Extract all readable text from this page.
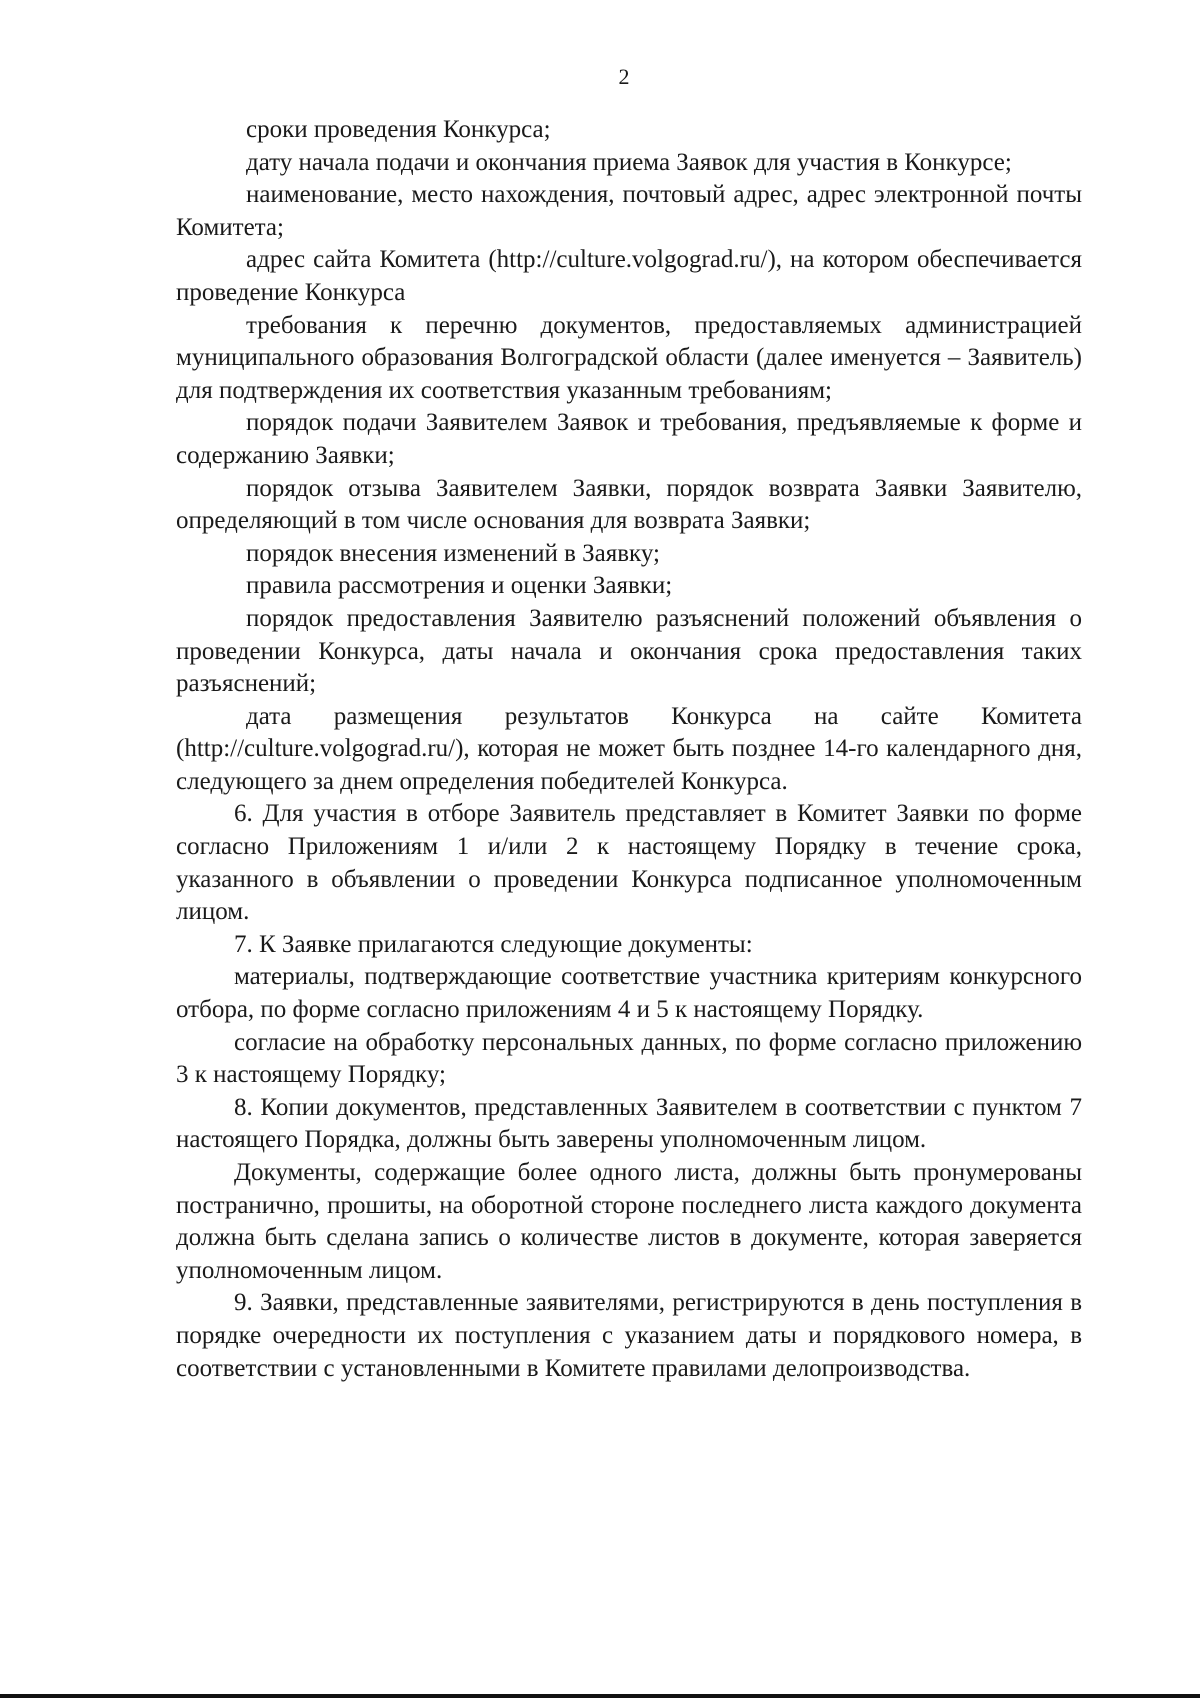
2

сроки проведения Конкурса;

дату начала подачи и окончания приема Заявок для участия в Конкурсе;

наименование, место нахождения, почтовый адрес, адрес электронной почты Комитета;

адрес сайта Комитета (http://culture.volgograd.ru/), на котором обеспечивается проведение Конкурса

требования к перечню документов, предоставляемых администрацией муниципального образования Волгоградской области (далее именуется – Заявитель) для подтверждения их соответствия указанным требованиям;

порядок подачи Заявителем Заявок и требования, предъявляемые к форме и содержанию Заявки;

порядок отзыва Заявителем Заявки, порядок возврата Заявки Заявителю, определяющий в том числе основания для возврата Заявки;

порядок внесения изменений в Заявку;

правила рассмотрения и оценки Заявки;

порядок предоставления Заявителю разъяснений положений объявления о проведении Конкурса, даты начала и окончания срока предоставления таких разъяснений;

дата размещения результатов Конкурса на сайте Комитета (http://culture.volgograd.ru/), которая не может быть позднее 14-го календарного дня, следующего за днем определения победителей Конкурса.

6. Для участия в отборе Заявитель представляет в Комитет Заявки по форме согласно Приложениям 1 и/или 2 к настоящему Порядку в течение срока, указанного в объявлении о проведении Конкурса подписанное уполномоченным лицом.

7. К Заявке прилагаются следующие документы:

материалы, подтверждающие соответствие участника критериям конкурсного отбора, по форме согласно приложениям 4 и 5 к настоящему Порядку.

согласие на обработку персональных данных, по форме согласно приложению 3 к настоящему Порядку;

8. Копии документов, представленных Заявителем в соответствии с пунктом 7 настоящего Порядка, должны быть заверены уполномоченным лицом.

Документы, содержащие более одного листа, должны быть пронумерованы постранично, прошиты, на оборотной стороне последнего листа каждого документа должна быть сделана запись о количестве листов в документе, которая заверяется уполномоченным лицом.

9. Заявки, представленные заявителями, регистрируются в день поступления в порядке очередности их поступления с указанием даты и порядкового номера, в соответствии с установленными в Комитете правилами делопроизводства.
